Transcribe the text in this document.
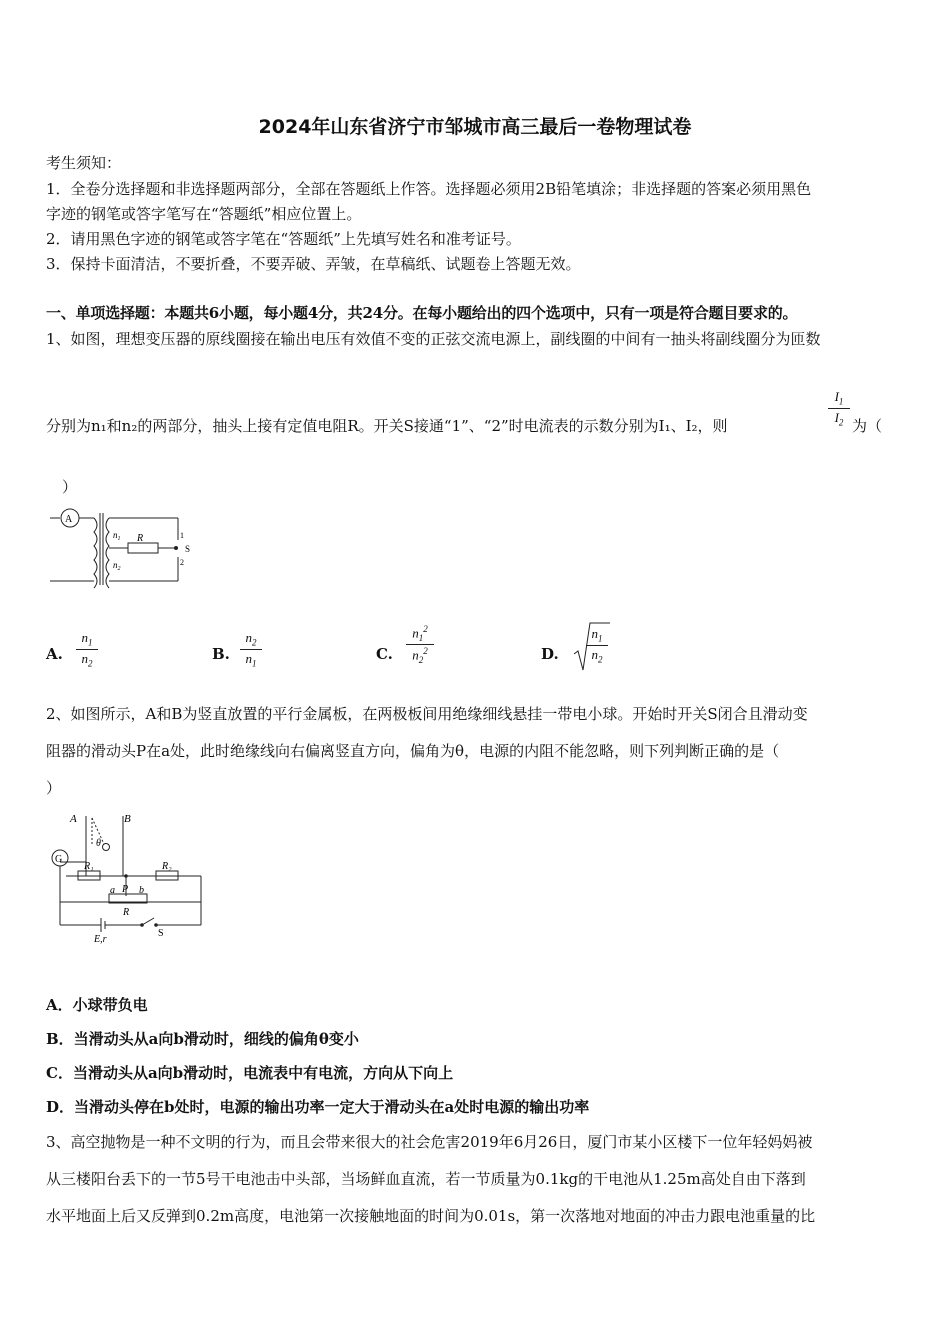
2024年山东省济宁市邹城市高三最后一卷物理试卷
考生须知：
1．全卷分选择题和非选择题两部分，全部在答题纸上作答。选择题必须用2B铅笔填涂；非选择题的答案必须用黑色
字迹的钢笔或答字笔写在“答题纸”相应位置上。
2．请用黑色字迹的钢笔或答字笔在“答题纸”上先填写姓名和准考证号。
3．保持卡面清洁，不要折叠，不要弄破、弄皱，在草稿纸、试题卷上答题无效。
一、单项选择题：本题共6小题，每小题4分，共24分。在每小题给出的四个选项中，只有一项是符合题目要求的。
1、如图，理想变压器的原线圈接在输出电压有效值不变的正弦交流电源上，副线圈的中间有一抽头将副线圈分为匝数
分别为n₁和n₂的两部分，抽头上接有定值电阻R。开关S接通“1”、“2”时电流表的示数分别为I₁、I₂，则
$I_1$
$I_2$ 为（
）
A
$n_1$ R
$n_2$
1
S
2
A.
$n_1$
$n_2$
B.
$n_2$
$n_1$
C.
$n_1^2$
$n_2^2$	D.
$n_1$
$n_2$
2、如图所示，A和B为竖直放置的平行金属板，在两极板间用绝缘细线悬挂一带电小球。开始时开关S闭合且滑动变
阻器的滑动头P在a处，此时绝缘线向右偏离竖直方向，偏角为θ，电源的内阻不能忽略，则下列判断正确的是（
）
A	B
θ
G
R₁	R₂
a P b
R
E,r
S
A．小球带负电
B．当滑动头从a向b滑动时，细线的偏角θ变小
C．当滑动头从a向b滑动时，电流表中有电流，方向从下向上
D．当滑动头停在b处时，电源的输出功率一定大于滑动头在a处时电源的输出功率
3、高空抛物是一种不文明的行为，而且会带来很大的社会危害2019年6月26日，厦门市某小区楼下一位年轻妈妈被
从三楼阳台丢下的一节5号干电池击中头部，当场鲜血直流，若一节质量为0.1kg的干电池从1.25m高处自由下落到
水平地面上后又反弹到0.2m高度，电池第一次接触地面的时间为0.01s，第一次落地对地面的冲击力跟电池重量的比
